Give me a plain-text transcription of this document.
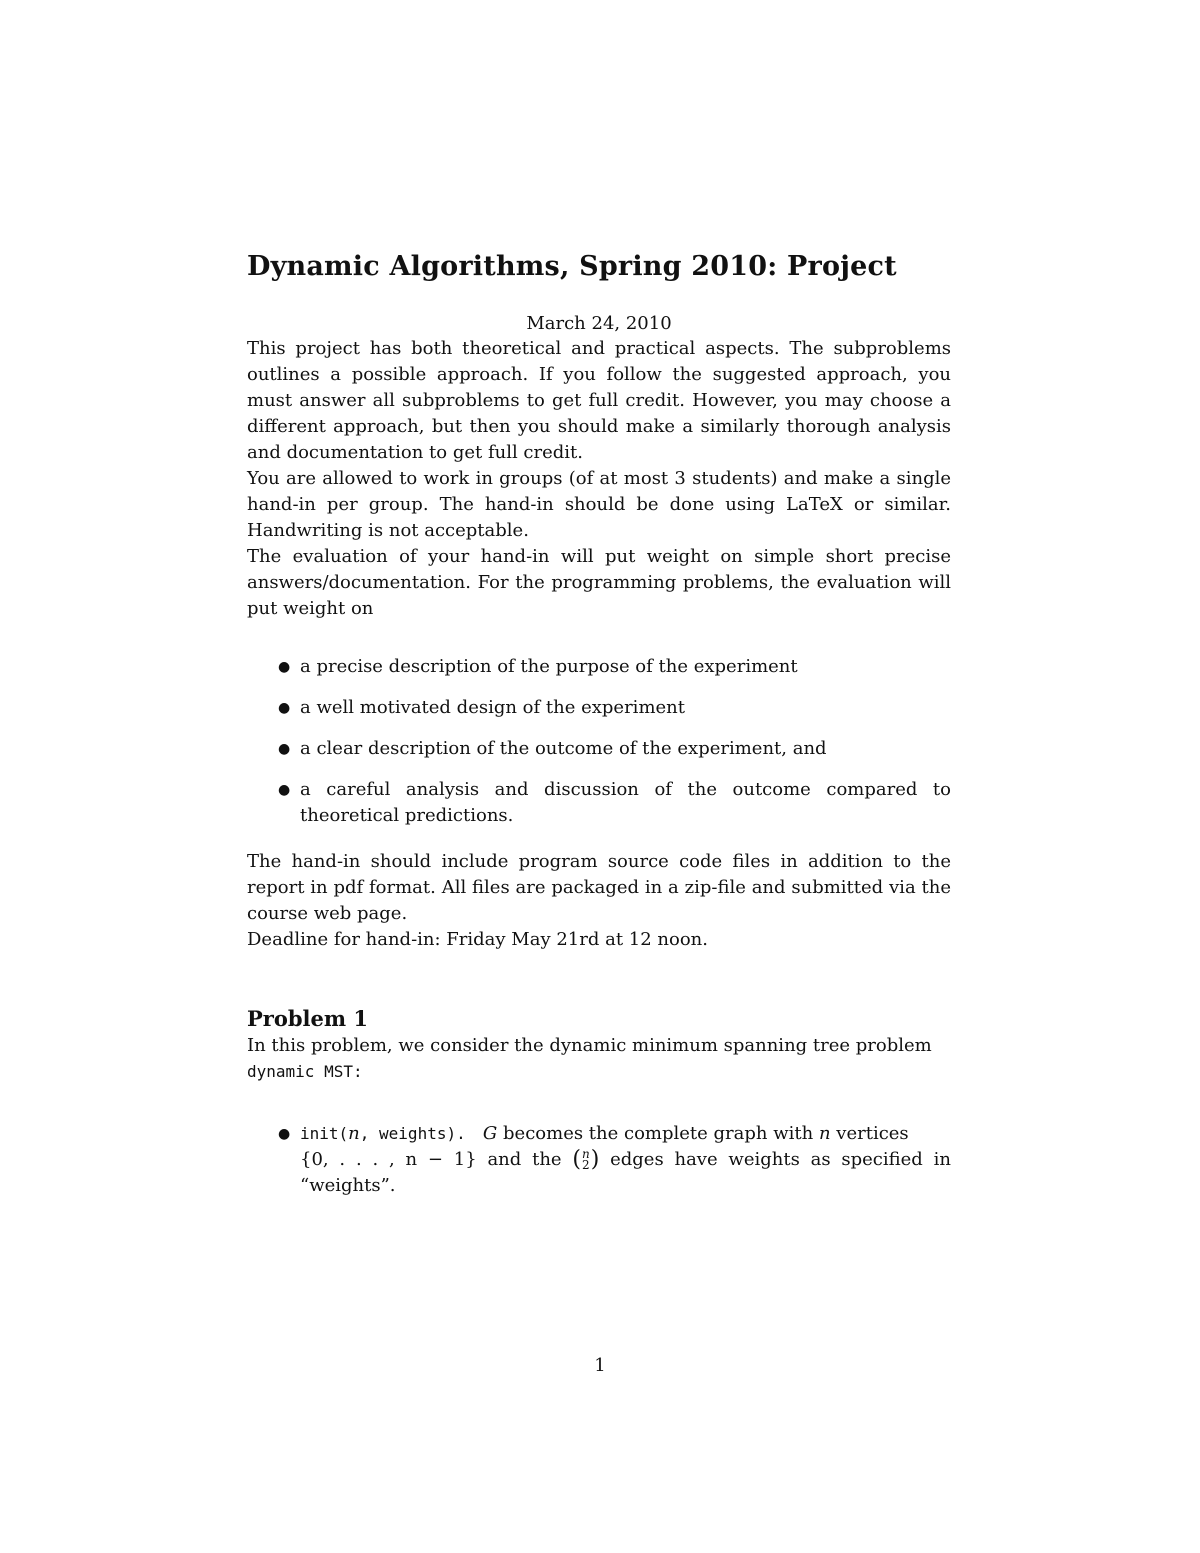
Dynamic Algorithms, Spring 2010: Project
March 24, 2010

This project has both theoretical and practical aspects. The subproblems outlines a possible approach. If you follow the suggested approach, you must answer all subproblems to get full credit. However, you may choose a different approach, but then you should make a similarly thorough analysis and documentation to get full credit.

You are allowed to work in groups (of at most 3 students) and make a single hand-in per group. The hand-in should be done using LaTeX or similar. Handwriting is not acceptable.

The evaluation of your hand-in will put weight on simple short precise answers/documentation. For the programming problems, the evaluation will put weight on

● a precise description of the purpose of the experiment
● a well motivated design of the experiment
● a clear description of the outcome of the experiment, and
● a careful analysis and discussion of the outcome compared to theoretical predictions.

The hand-in should include program source code files in addition to the report in pdf format. All files are packaged in a zip-file and submitted via the course web page.

Deadline for hand-in: Friday May 21rd at 12 noon.

Problem 1

In this problem, we consider the dynamic minimum spanning tree problem
dynamic MST:

● init(n, weights). G becomes the complete graph with n vertices
{0, . . . , n − 1} and the (n
2) edges have weights as specified in “weights”.
1
